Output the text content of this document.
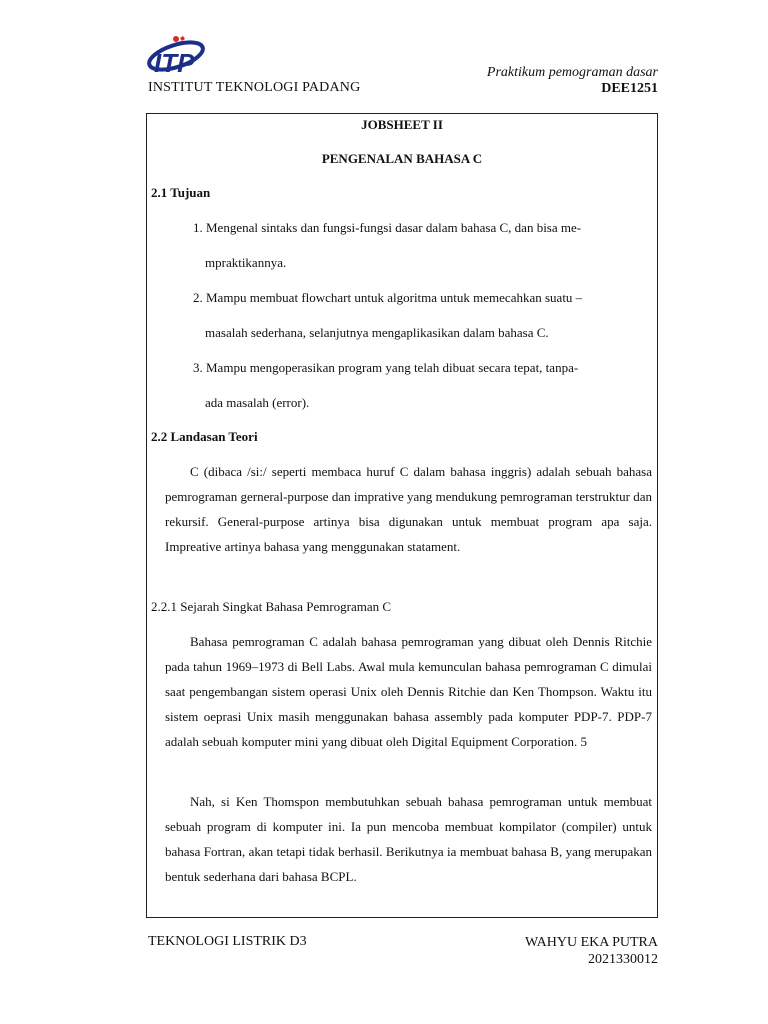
ITP
INSTITUT TEKNOLOGI PADANG
Praktikum pemograman dasar
DEE1251
JOBSHEET II
PENGENALAN BAHASA C
2.1 Tujuan
1. Mengenal sintaks dan fungsi-fungsi dasar dalam bahasa C, dan bisa me-
mpraktikannya.
2. Mampu membuat flowchart untuk algoritma untuk memecahkan suatu –
masalah sederhana, selanjutnya mengaplikasikan dalam bahasa C.
3. Mampu mengoperasikan program yang telah dibuat secara tepat, tanpa-
ada masalah (error).
2.2 Landasan Teori
C (dibaca /si:/ seperti membaca huruf C dalam bahasa inggris) adalah sebuah bahasa pemrograman gerneral-purpose dan imprative yang mendukung pemrograman terstruktur dan rekursif. General-purpose artinya bisa digunakan untuk membuat program apa saja. Impreative artinya bahasa yang menggunakan statament.
2.2.1 Sejarah Singkat Bahasa Pemrograman C
Bahasa pemrograman C adalah bahasa pemrograman yang dibuat oleh Dennis Ritchie pada tahun 1969–1973 di Bell Labs. Awal mula kemunculan bahasa pemrograman C dimulai saat pengembangan sistem operasi Unix oleh Dennis Ritchie dan Ken Thompson. Waktu itu sistem oeprasi Unix masih menggunakan bahasa assembly pada komputer PDP-7. PDP-7 adalah sebuah komputer mini yang dibuat oleh Digital Equipment Corporation. 5
Nah, si Ken Thomspon membutuhkan sebuah bahasa pemrograman untuk membuat sebuah program di komputer ini. Ia pun mencoba membuat kompilator (compiler) untuk bahasa Fortran, akan tetapi tidak berhasil. Berikutnya ia membuat bahasa B, yang merupakan bentuk sederhana dari bahasa BCPL.
TEKNOLOGI LISTRIK D3	WAHYU EKA PUTRA
2021330012
